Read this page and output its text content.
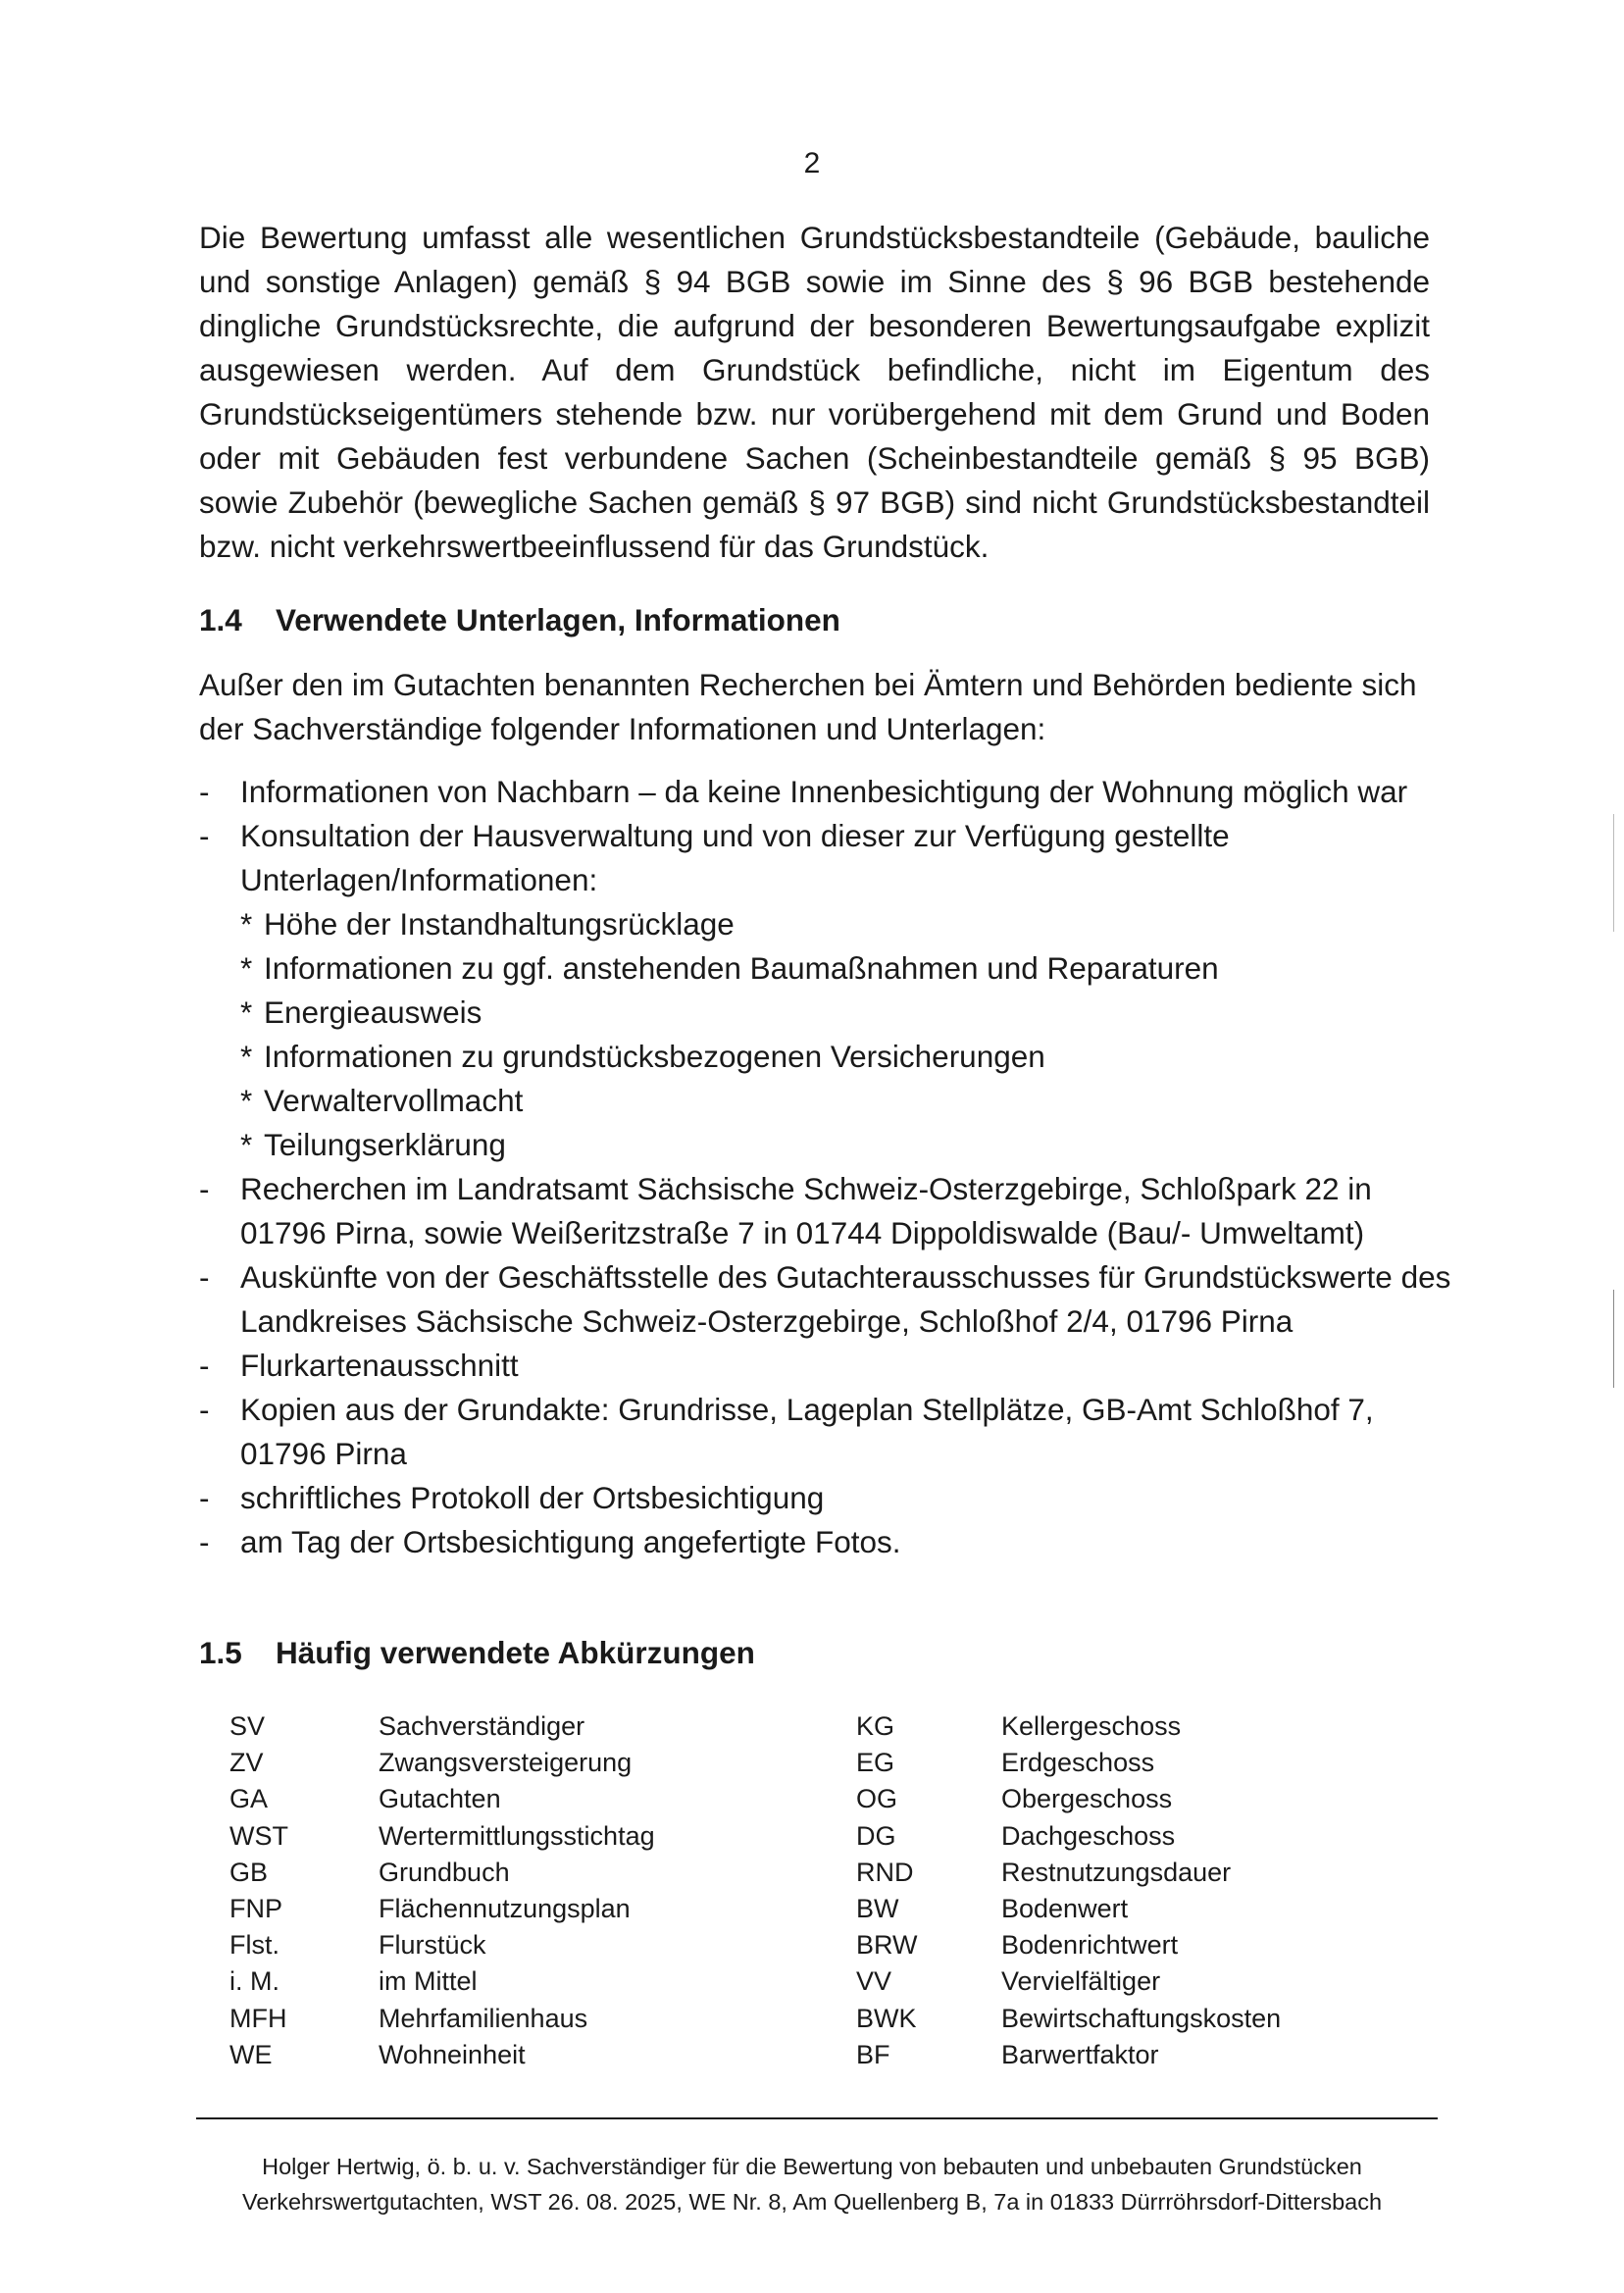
2

Die Bewertung umfasst alle wesentlichen Grundstücksbestandteile (Gebäude, bauliche und sonstige Anlagen) gemäß § 94 BGB sowie im Sinne des § 96 BGB bestehende dingliche Grundstücksrechte, die aufgrund der besonderen Bewertungsaufgabe explizit ausgewiesen werden. Auf dem Grundstück befindliche, nicht im Eigentum des Grundstückseigentümers stehende bzw. nur vorübergehend mit dem Grund und Boden oder mit Gebäuden fest verbundene Sachen (Scheinbestandteile gemäß § 95 BGB) sowie Zubehör (bewegliche Sachen gemäß § 97 BGB) sind nicht Grundstücksbestandteil bzw. nicht verkehrswertbeeinflussend für das Grundstück.

1.4 Verwendete Unterlagen, Informationen

Außer den im Gutachten benannten Recherchen bei Ämtern und Behörden bediente sich der Sachverständige folgender Informationen und Unterlagen:

- Informationen von Nachbarn – da keine Innenbesichtigung der Wohnung möglich war
- Konsultation der Hausverwaltung und von dieser zur Verfügung gestellte Unterlagen/Informationen:
* Höhe der Instandhaltungsrücklage
* Informationen zu ggf. anstehenden Baumaßnahmen und Reparaturen
* Energieausweis
* Informationen zu grundstücksbezogenen Versicherungen
* Verwaltervollmacht
* Teilungserklärung
- Recherchen im Landratsamt Sächsische Schweiz-Osterzgebirge, Schloßpark 22 in 01796 Pirna, sowie Weißeritzstraße 7 in 01744 Dippoldiswalde (Bau/- Umweltamt)
- Auskünfte von der Geschäftsstelle des Gutachterausschusses für Grundstückswerte des Landkreises Sächsische Schweiz-Osterzgebirge, Schloßhof 2/4, 01796 Pirna
- Flurkartenausschnitt
- Kopien aus der Grundakte: Grundrisse, Lageplan Stellplätze, GB-Amt Schloßhof 7, 01796 Pirna
- schriftliches Protokoll der Ortsbesichtigung
- am Tag der Ortsbesichtigung angefertigte Fotos.
1.5 Häufig verwendete Abkürzungen
SV	Sachverständiger	KG	Kellergeschoss
ZV	Zwangsversteigerung	EG	Erdgeschoss
GA	Gutachten	OG	Obergeschoss
WST	Wertermittlungsstichtag	DG	Dachgeschoss
GB	Grundbuch	RND	Restnutzungsdauer
FNP	Flächennutzungsplan	BW	Bodenwert
Flst.	Flurstück	BRW	Bodenrichtwert
i. M.	im Mittel	VV	Vervielfältiger
MFH	Mehrfamilienhaus	BWK	Bewirtschaftungskosten
WE	Wohneinheit	BF	Barwertfaktor
Holger Hertwig, ö. b. u. v. Sachverständiger für die Bewertung von bebauten und unbebauten Grundstücken
Verkehrswertgutachten, WST 26. 08. 2025, WE Nr. 8, Am Quellenberg B, 7a in 01833 Dürrröhrsdorf-Dittersbach
